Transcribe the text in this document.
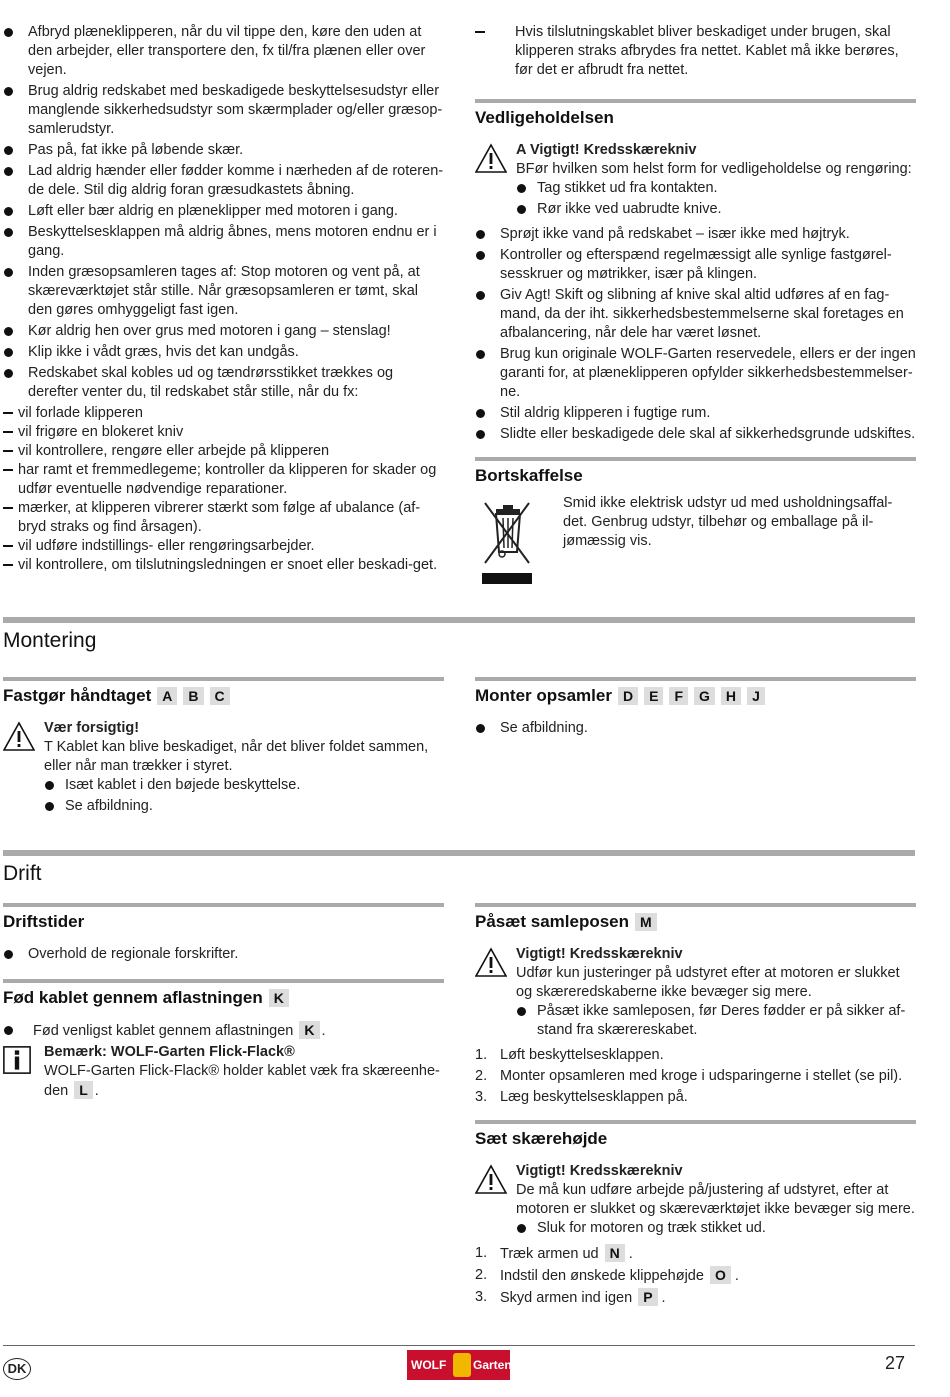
Afbryd plæneklipperen, når du vil tippe den, køre den uden at den arbejder, eller transportere den, fx til/fra plænen eller over vejen.
Brug aldrig redskabet med beskadigede beskyttelsesudstyr eller manglende sikkerhedsudstyr som skærmplader og/eller græsop-samlerudstyr.
Pas på, fat ikke på løbende skær.
Lad aldrig hænder eller fødder komme i nærheden af de roteren-de dele. Stil dig aldrig foran græsudkastets åbning.
Løft eller bær aldrig en plæneklipper med motoren i gang.
Beskyttelsesklappen må aldrig åbnes, mens motoren endnu er i gang.
Inden græsopsamleren tages af: Stop motoren og vent på, at skæreværktøjet står stille. Når græsopsamleren er tømt, skal den gøres omhyggeligt fast igen.
Kør aldrig hen over grus med motoren i gang – stenslag!
Klip ikke i vådt græs, hvis det kan undgås.
Redskabet skal kobles ud og tændrørsstikket trækkes og derefter venter du, til redskabet står stille, når du fx:
vil forlade klipperen
vil frigøre en blokeret kniv
vil kontrollere, rengøre eller arbejde på klipperen
har ramt et fremmedlegeme; kontroller da klipperen for skader og udfør eventuelle nødvendige reparationer.
mærker, at klipperen vibrerer stærkt som følge af ubalance (af-bryd straks og find årsagen).
vil udføre indstillings- eller rengøringsarbejder.
vil kontrollere, om tilslutningsledningen er snoet eller beskadi-get.
Hvis tilslutningskablet bliver beskadiget under brugen, skal klipperen straks afbrydes fra nettet. Kablet må ikke berøres, før det er afbrudt fra nettet.
Vedligeholdelsen
A Vigtigt! Kredsskærekniv
BFør hvilken som helst form for vedligeholdelse og rengøring:
Tag stikket ud fra kontakten.
Rør ikke ved uabrudte knive.
Sprøjt ikke vand på redskabet – især ikke med højtryk.
Kontroller og efterspænd regelmæssigt alle synlige fastgørel-sesskruer og møtrikker, især på klingen.
Giv Agt! Skift og slibning af knive skal altid udføres af en fag-mand, da der iht. sikkerhedsbestemmelserne skal foretages en afbalancering, når dele har været løsnet.
Brug kun originale WOLF-Garten reservedele, ellers er der ingen garanti for, at plæneklipperen opfylder sikkerhedsbestemmelser-ne.
Stil aldrig klipperen i fugtige rum.
Slidte eller beskadigede dele skal af sikkerhedsgrunde udskiftes.
Bortskaffelse
Smid ikke elektrisk udstyr ud med usholdningsaffal-det. Genbrug udstyr, tilbehør og emballage på il-jømæssig vis.
Montering
Fastgør håndtaget A B C
Vær forsigtig!
T Kablet kan blive beskadiget, når det bliver foldet sammen, eller når man trækker i styret.
Isæt kablet i den bøjede beskyttelse.
Se afbildning.
Monter opsamler D E F G H J
Se afbildning.
Drift
Driftstider
Overhold de regionale forskrifter.
Fød kablet gennem aflastningen K
Fød venligst kablet gennem aflastningen K .
Bemærk: WOLF-Garten Flick-Flack®
WOLF-Garten Flick-Flack® holder kablet væk fra skæreenhe-den L .
Påsæt samleposen M
Vigtigt! Kredsskærekniv
Udfør kun justeringer på udstyret efter at motoren er slukket og skæreredskaberne ikke bevæger sig mere.
Påsæt ikke samleposen, før Deres fødder er på sikker af-stand fra skærereskabet.
1. Løft beskyttelsesklappen.
2. Monter opsamleren med kroge i udsparingerne i stellet (se pil).
3. Læg beskyttelsesklappen på.
Sæt skærehøjde
Vigtigt! Kredsskærekniv
De må kun udføre arbejde på/justering af udstyret, efter at motoren er slukket og skæreværktøjet ikke bevæger sig mere.
Sluk for motoren og træk stikket ud.
1. Træk armen ud N .
2. Indstil den ønskede klippehøjde O .
3. Skyd armen ind igen P .
DK	WOLF Garten	27
